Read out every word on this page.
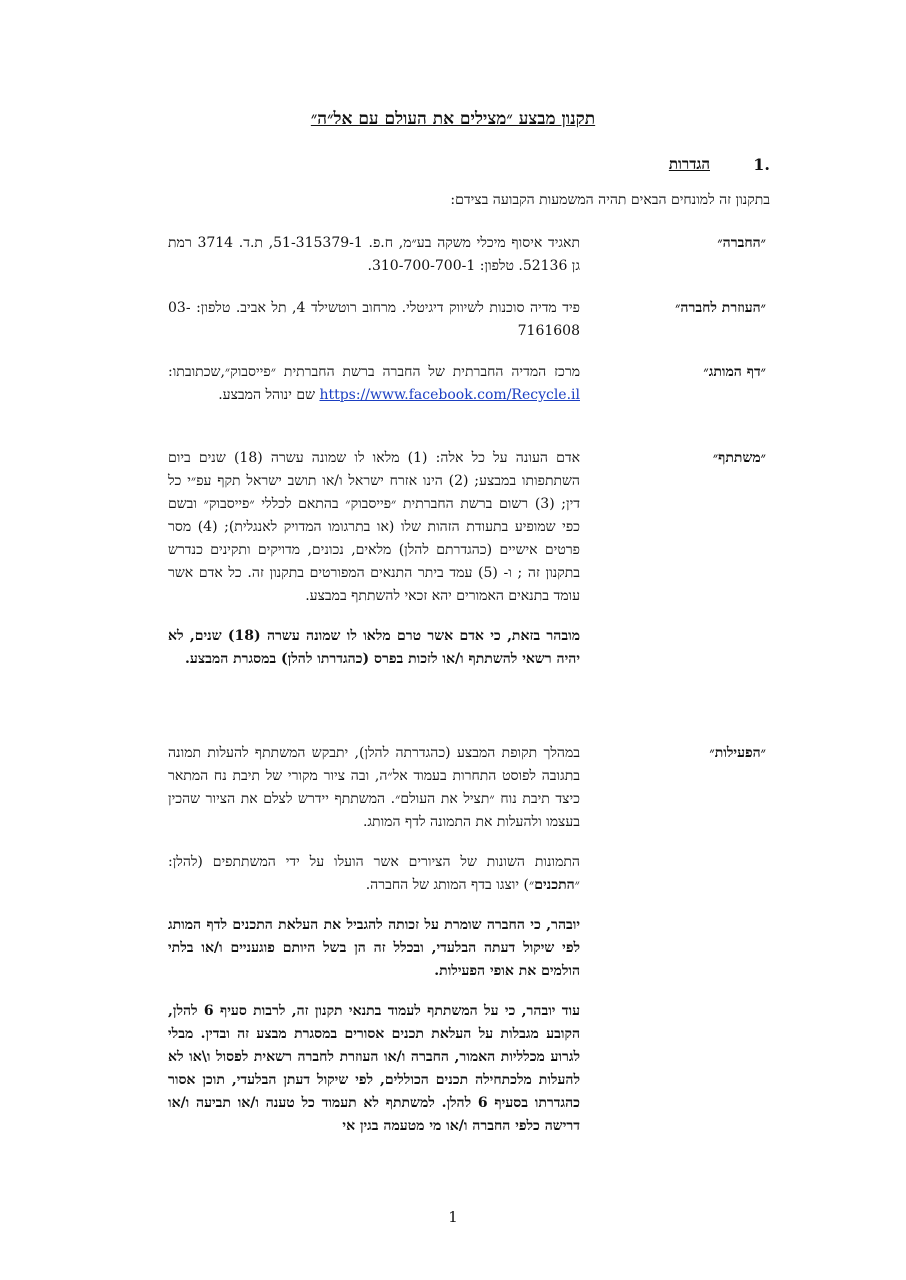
תקנון מבצע ״מצילים את העולם עם אל״ה״
1.
הגדרות
בתקנון זה למונחים הבאים תהיה המשמעות הקבועה בצידם:
״החברה״

תאגיד איסוף מיכלי משקה בע״מ, ח.פ. 51-315379-1, ת.ד. 3714 רמת גן 52136. טלפון: 310-700-700-1.

״העוזרת לחברה״

פיד מדיה סוכנות לשיווק דיגיטלי. מרחוב רוטשילד 4, תל אביב. טלפון: 03-7161608

״דף המותג״

מרכז המדיה החברתית של החברה ברשת החברתית ״פייסבוק״,שכתובתו: https://www.facebook.com/Recycle.il שם ינוהל המבצע.

״משתתף״

אדם העונה על כל אלה: (1) מלאו לו שמונה עשרה (18) שנים ביום השתתפותו במבצע; (2) הינו אזרח ישראל ו/או תושב ישראל תקף עפ״י כל דין; (3) רשום ברשת החברתית ״פייסבוק״ בהתאם לכללי ״פייסבוק״ ובשם כפי שמופיע בתעודת הזהות שלו (או בתרגומו המדויק לאנגלית); (4) מסר פרטים אישיים (כהגדרתם להלן) מלאים, נכונים, מדויקים ותקינים כנדרש בתקנון זה ; ו- (5) עמד ביתר התנאים המפורטים בתקנון זה. כל אדם אשר עומד בתנאים האמורים יהא זכאי להשתתף במבצע.

מובהר בזאת, כי אדם אשר טרם מלאו לו שמונה עשרה (18) שנים, לא יהיה רשאי להשתתף ו/או לזכות בפרס (כהגדרתו להלן) במסגרת המבצע.

״הפעילות״

במהלך תקופת המבצע (כהגדרתה להלן), יתבקש המשתתף להעלות תמונה בתגובה לפוסט התחרות בעמוד אל״ה, ובה ציור מקורי של תיבת נח המתאר כיצד תיבת נוח ״תציל את העולם״. המשתתף יידרש לצלם את הציור שהכין בעצמו ולהעלות את התמונה לדף המותג.

התמונות השונות של הציורים אשר הועלו על ידי המשתתפים (להלן: ״התכנים״) יוצגו בדף המותג של החברה.

יובהר, כי החברה שומרת על זכותה להגביל את העלאת התכנים לדף המותג לפי שיקול דעתה הבלעדי, ובכלל זה הן בשל היותם פוגעניים ו/או בלתי הולמים את אופי הפעילות.

עוד יובהר, כי על המשתתף לעמוד בתנאי תקנון זה, לרבות סעיף 6 להלן, הקובע מגבלות על העלאת תכנים אסורים במסגרת מבצע זה ובדין. מבלי לגרוע מכלליות האמור, החברה ו/או העוזרת לחברה רשאית לפסול ו\או לא להעלות מלכתחילה תכנים הכוללים, לפי שיקול דעתן הבלעדי, תוכן אסור כהגדרתו בסעיף 6 להלן. למשתתף לא תעמוד כל טענה ו/או תביעה ו/או דרישה כלפי החברה ו/או מי מטעמה בגין אי

1
